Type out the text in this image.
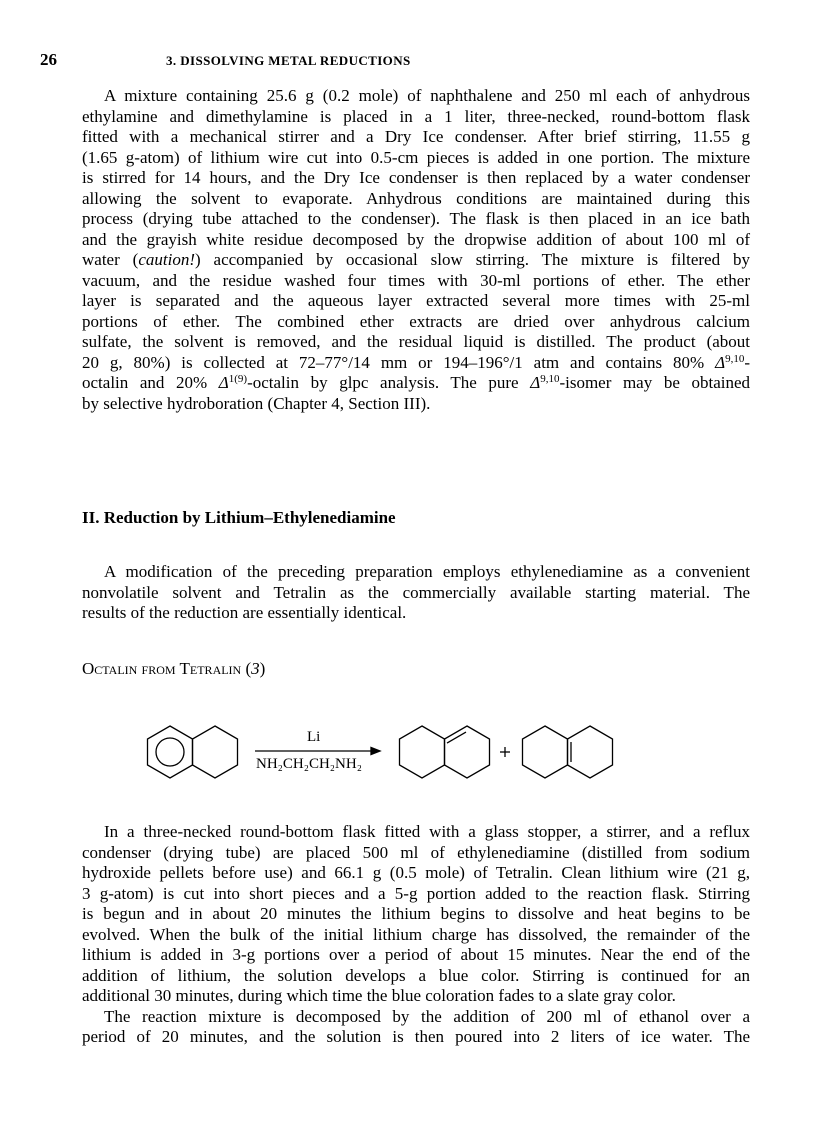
26	3. DISSOLVING METAL REDUCTIONS
A mixture containing 25.6 g (0.2 mole) of naphthalene and 250 ml each of anhydrous
ethylamine and dimethylamine is placed in a 1 liter, three-necked, round-bottom flask
fitted with a mechanical stirrer and a Dry Ice condenser. After brief stirring, 11.55 g
(1.65 g-atom) of lithium wire cut into 0.5-cm pieces is added in one portion. The mixture
is stirred for 14 hours, and the Dry Ice condenser is then replaced by a water condenser
allowing the solvent to evaporate. Anhydrous conditions are maintained during this
process (drying tube attached to the condenser). The flask is then placed in an ice bath
and the grayish white residue decomposed by the dropwise addition of about 100 ml of
water (caution!) accompanied by occasional slow stirring. The mixture is filtered by
vacuum, and the residue washed four times with 30-ml portions of ether. The ether
layer is separated and the aqueous layer extracted several more times with 25-ml
portions of ether. The combined ether extracts are dried over anhydrous calcium
sulfate, the solvent is removed, and the residual liquid is distilled. The product (about
20 g, 80%) is collected at 72–77°/14 mm or 194–196°/1 atm and contains 80% Δ$^{9,10}$-
octalin and 20% $\Delta^{1(9)}$-octalin by glpc analysis. The pure Δ$^{9,10}$-isomer may be obtained
by selective hydroboration (Chapter 4, Section III).
II. Reduction by Lithium–Ethylenediamine
A modification of the preceding preparation employs ethylenediamine as a convenient
nonvolatile solvent and Tetralin as the commercially available starting material. The
results of the reduction are essentially identical.
Octalin from Tetralin (3)
Li
NH₂CH₂CH₂NH₂
In a three-necked round-bottom flask fitted with a glass stopper, a stirrer, and a reflux
condenser (drying tube) are placed 500 ml of ethylenediamine (distilled from sodium
hydroxide pellets before use) and 66.1 g (0.5 mole) of Tetralin. Clean lithium wire (21 g,
3 g-atom) is cut into short pieces and a 5-g portion added to the reaction flask. Stirring
is begun and in about 20 minutes the lithium begins to dissolve and heat begins to be
evolved. When the bulk of the initial lithium charge has dissolved, the remainder of the
lithium is added in 3-g portions over a period of about 15 minutes. Near the end of the
addition of lithium, the solution develops a blue color. Stirring is continued for an
additional 30 minutes, during which time the blue coloration fades to a slate gray color.
The reaction mixture is decomposed by the addition of 200 ml of ethanol over a
period of 20 minutes, and the solution is then poured into 2 liters of ice water. The
